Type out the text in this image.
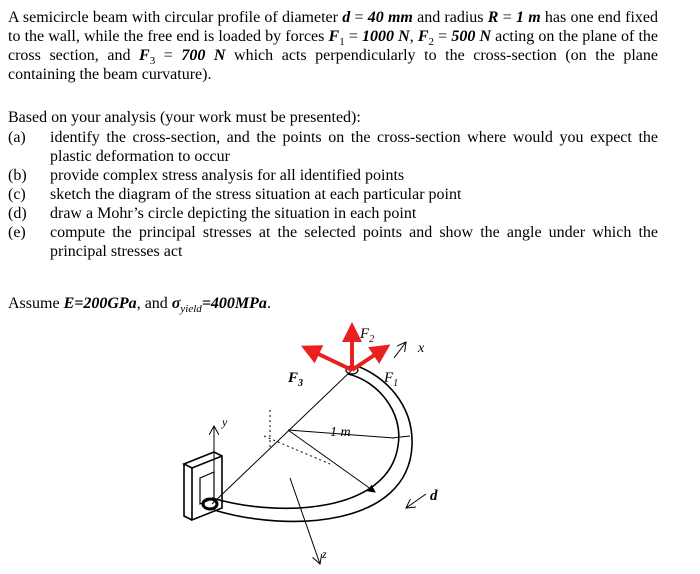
A semicircle beam with circular profile of diameter d = 40 mm and radius R = 1 m has one end fixed to the wall, while the free end is loaded by forces $F_1 = 1000$ N, $F_2 = 500$ N acting on the plane of the cross section, and $F_3 = 700$ N which acts perpendicularly to the cross-section (on the plane containing the beam curvature).
Based on your analysis (your work must be presented):
(a)	identify the cross-section, and the points on the cross-section where would you expect the plastic deformation to occur
(b)	provide complex stress analysis for all identified points
(c)	sketch the diagram of the stress situation at each particular point
(d)	draw a Mohr’s circle depicting the situation in each point
(e)	compute the principal stresses at the selected points and show the angle under which the principal stresses act
Assume E=200GPa, and $\sigma_{yield}=400MPa$.
$F_2$
$F_1$
$F_3$
x
y
z
1 m
d
